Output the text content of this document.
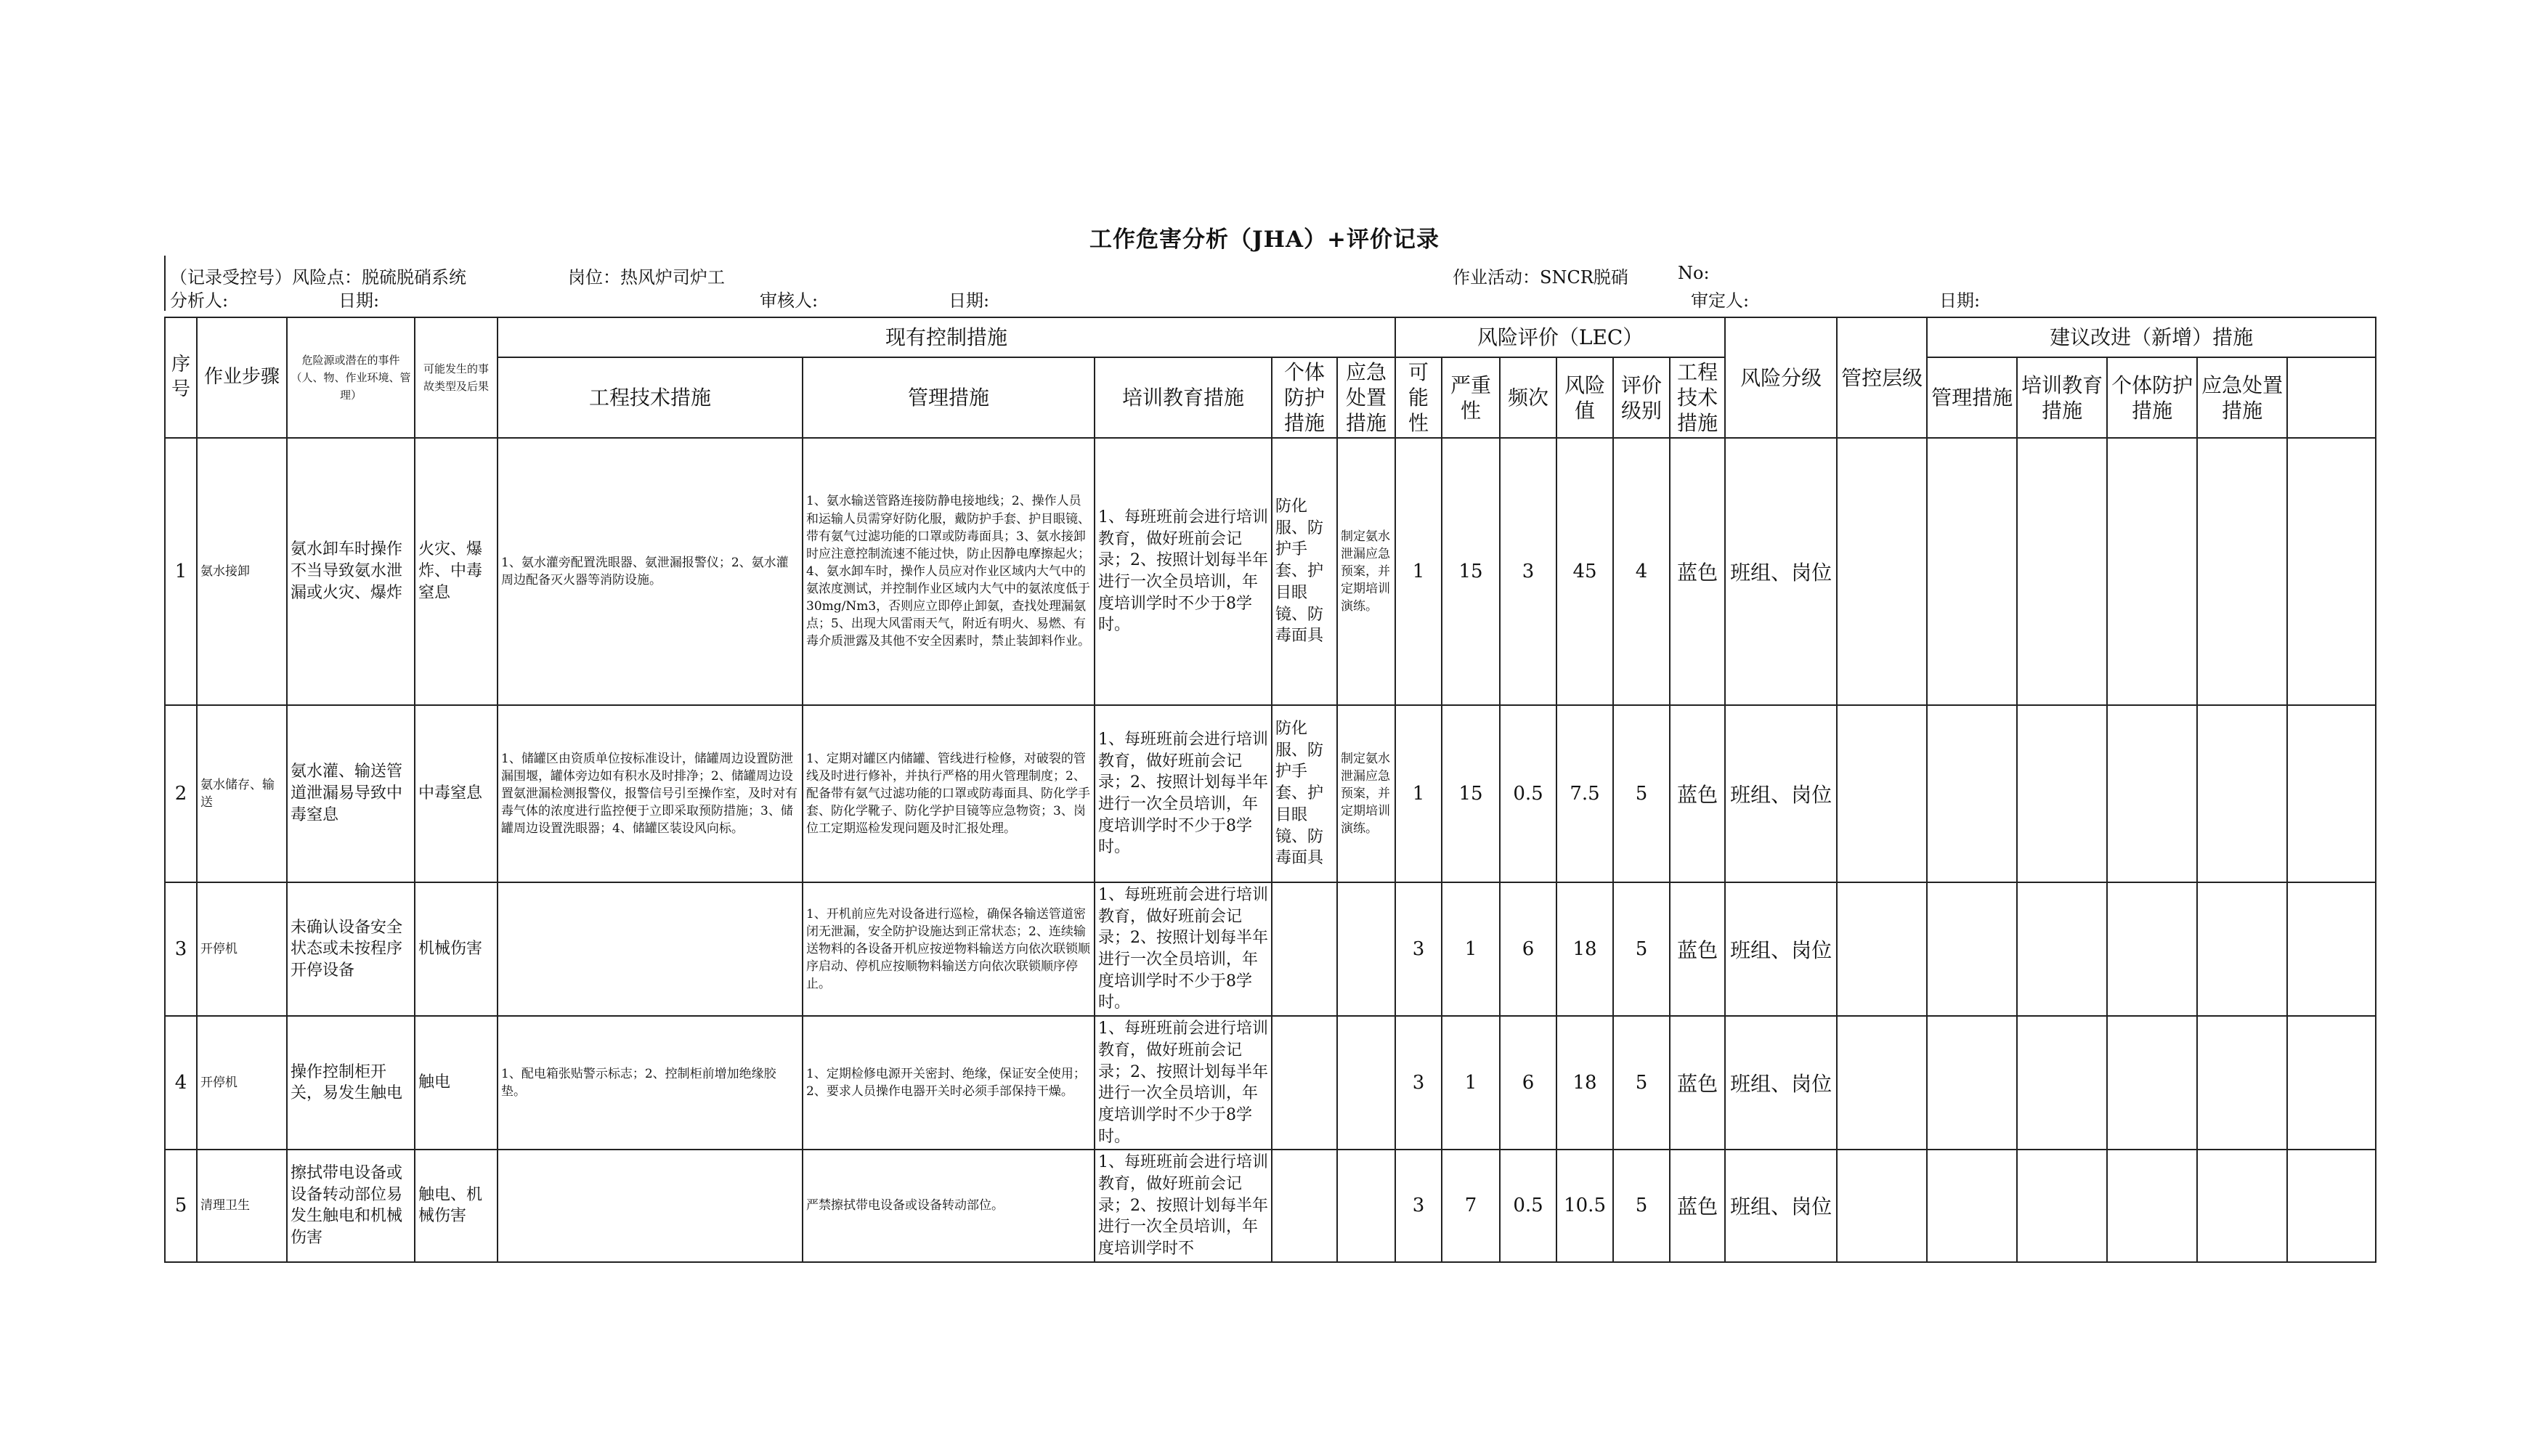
工作危害分析（JHA）+评价记录
（记录受控号）风险点：脱硫脱硝系统	岗位：热风炉司炉工	作业活动：SNCR脱硝	No:
分析人:	日期:	审核人:	日期:	审定人:	日期:
序号	作业步骤	危险源或潜在的事件（人、物、作业环境、管理）	可能发生的事故类型及后果	现有控制措施					风险评价（LEC）						风险分级	管控层级	建议改进（新增）措施	
				工程技术措施	管理措施	培训教育措施	个体防护措施	应急处置措施	可能性	严重性	频次	风险值	评价级别	工程技术措施			管理措施	培训教育措施	个体防护措施	应急处置措施		
1	氨水接卸	氨水卸车时操作不当导致氨水泄漏或火灾、爆炸	火灾、爆炸、中毒窒息	1、氨水灌旁配置洗眼器、氨泄漏报警仪；2、氨水灌周边配备灭火器等消防设施。	1、氨水输送管路连接防静电接地线；2、操作人员和运输人员需穿好防化服，戴防护手套、护目眼镜、带有氨气过滤功能的口罩或防毒面具；3、氨水接卸时应注意控制流速不能过快，防止因静电摩擦起火；4、氨水卸车时，操作人员应对作业区域内大气中的氨浓度测试，并控制作业区域内大气中的氨浓度低于30mg/Nm3，否则应立即停止卸氨，查找处理漏氨点；5、出现大风雷雨天气，附近有明火、易燃、有毒介质泄露及其他不安全因素时，禁止装卸料作业。	1、每班班前会进行培训教育，做好班前会记录；2、按照计划每半年进行一次全员培训，年度培训学时不少于8学时。	防化服、防护手套、护目眼镜、防毒面具	制定氨水泄漏应急预案，并定期培训演练。	1	15	3	45	4	蓝色	班组、岗位							
2	氨水储存、输送	氨水灌、输送管道泄漏易导致中毒窒息	中毒窒息	1、储罐区由资质单位按标准设计，储罐周边设置防泄漏围堰，罐体旁边如有积水及时排净；2、储罐周边设置氨泄漏检测报警仪，报警信号引至操作室，及时对有毒气体的浓度进行监控便于立即采取预防措施；3、储罐周边设置洗眼器；4、储罐区装设风向标。	1、定期对罐区内储罐、管线进行检修，对破裂的管线及时进行修补，并执行严格的用火管理制度；2、配备带有氨气过滤功能的口罩或防毒面具、防化学手套、防化学靴子、防化学护目镜等应急物资；3、岗位工定期巡检发现问题及时汇报处理。	1、每班班前会进行培训教育，做好班前会记录；2、按照计划每半年进行一次全员培训，年度培训学时不少于8学时。	防化服、防护手套、护目眼镜、防毒面具	制定氨水泄漏应急预案，并定期培训演练。	1	15	0.5	7.5	5	蓝色	班组、岗位							
3	开停机	未确认设备安全状态或未按程序开停设备	机械伤害		1、开机前应先对设备进行巡检，确保各输送管道密闭无泄漏，安全防护设施达到正常状态；2、连续输送物料的各设备开机应按逆物料输送方向依次联锁顺序启动、停机应按顺物料输送方向依次联锁顺序停止。	1、每班班前会进行培训教育，做好班前会记录；2、按照计划每半年进行一次全员培训，年度培训学时不少于8学时。			3	1	6	18	5	蓝色	班组、岗位							
4	开停机	操作控制柜开关，易发生触电	触电	1、配电箱张贴警示标志；2、控制柜前增加绝缘胶垫。	1、定期检修电源开关密封、绝缘，保证安全使用；2、要求人员操作电器开关时必须手部保持干燥。	1、每班班前会进行培训教育，做好班前会记录；2、按照计划每半年进行一次全员培训，年度培训学时不少于8学时。			3	1	6	18	5	蓝色	班组、岗位							
5	清理卫生	擦拭带电设备或设备转动部位易发生触电和机械伤害	触电、机械伤害		严禁擦拭带电设备或设备转动部位。	1、每班班前会进行培训教育，做好班前会记录；2、按照计划每半年进行一次全员培训，年度培训学时不			3	7	0.5	10.5	5	蓝色	班组、岗位							
